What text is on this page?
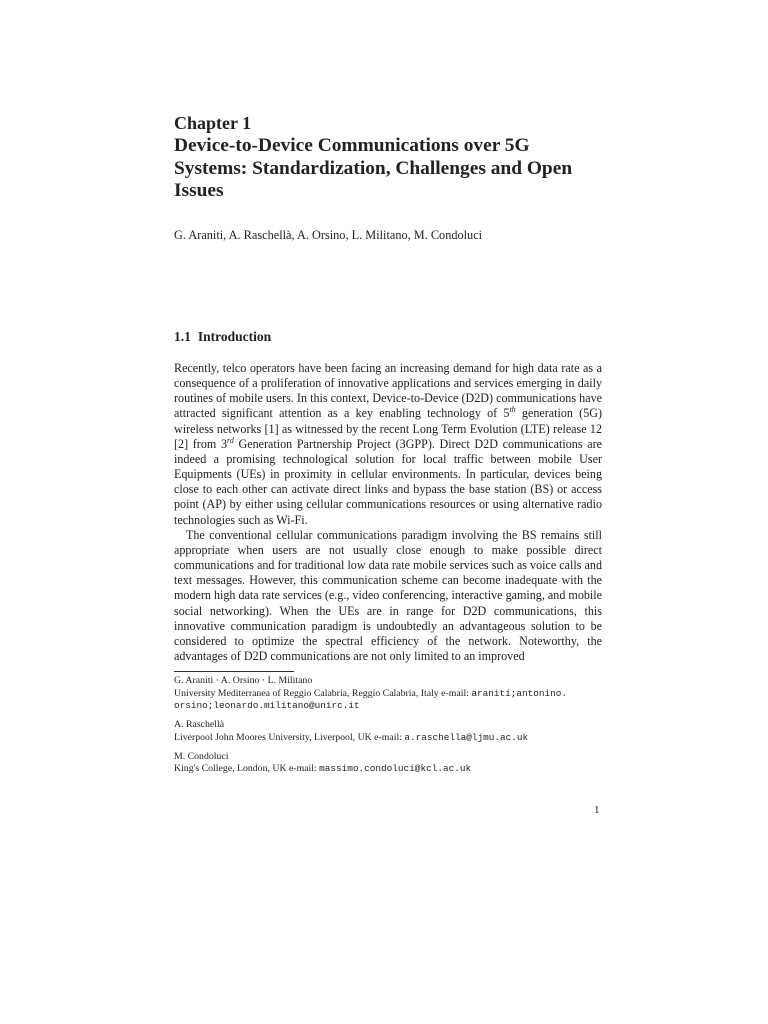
Chapter 1
Device-to-Device Communications over 5G
Systems: Standardization, Challenges and Open
Issues
G. Araniti, A. Raschellà, A. Orsino, L. Militano, M. Condoluci
1.1 Introduction

Recently, telco operators have been facing an increasing demand for high data rate as a consequence of a proliferation of innovative applications and services emerging in daily routines of mobile users. In this context, Device-to-Device (D2D) communications have attracted significant attention as a key enabling technology of 5th generation (5G) wireless networks [1] as witnessed by the recent Long Term Evolution (LTE) release 12 [2] from 3rd Generation Partnership Project (3GPP). Direct D2D communications are indeed a promising technological solution for local traffic between mobile User Equipments (UEs) in proximity in cellular environments. In particular, devices being close to each other can activate direct links and bypass the base station (BS) or access point (AP) by either using cellular communications resources or using alternative radio technologies such as Wi-Fi.

The conventional cellular communications paradigm involving the BS remains still appropriate when users are not usually close enough to make possible direct communications and for traditional low data rate mobile services such as voice calls and text messages. However, this communication scheme can become inadequate with the modern high data rate services (e.g., video conferencing, interactive gaming, and mobile social networking). When the UEs are in range for D2D communications, this innovative communication paradigm is undoubtedly an advantageous solution to be considered to optimize the spectral efficiency of the network. Noteworthy, the advantages of D2D communications are not only limited to an improved

G. Araniti · A. Orsino · L. Militano
University Mediterranea of Reggio Calabria, Reggio Calabria, Italy e-mail: araniti;antonino.
orsino;leonardo.militano@unirc.it
A. Raschellà
Liverpool John Moores University, Liverpool, UK e-mail: a.raschella@ljmu.ac.uk
M. Condoluci
King's College, London, UK e-mail: massimo.condoluci@kcl.ac.uk
1
